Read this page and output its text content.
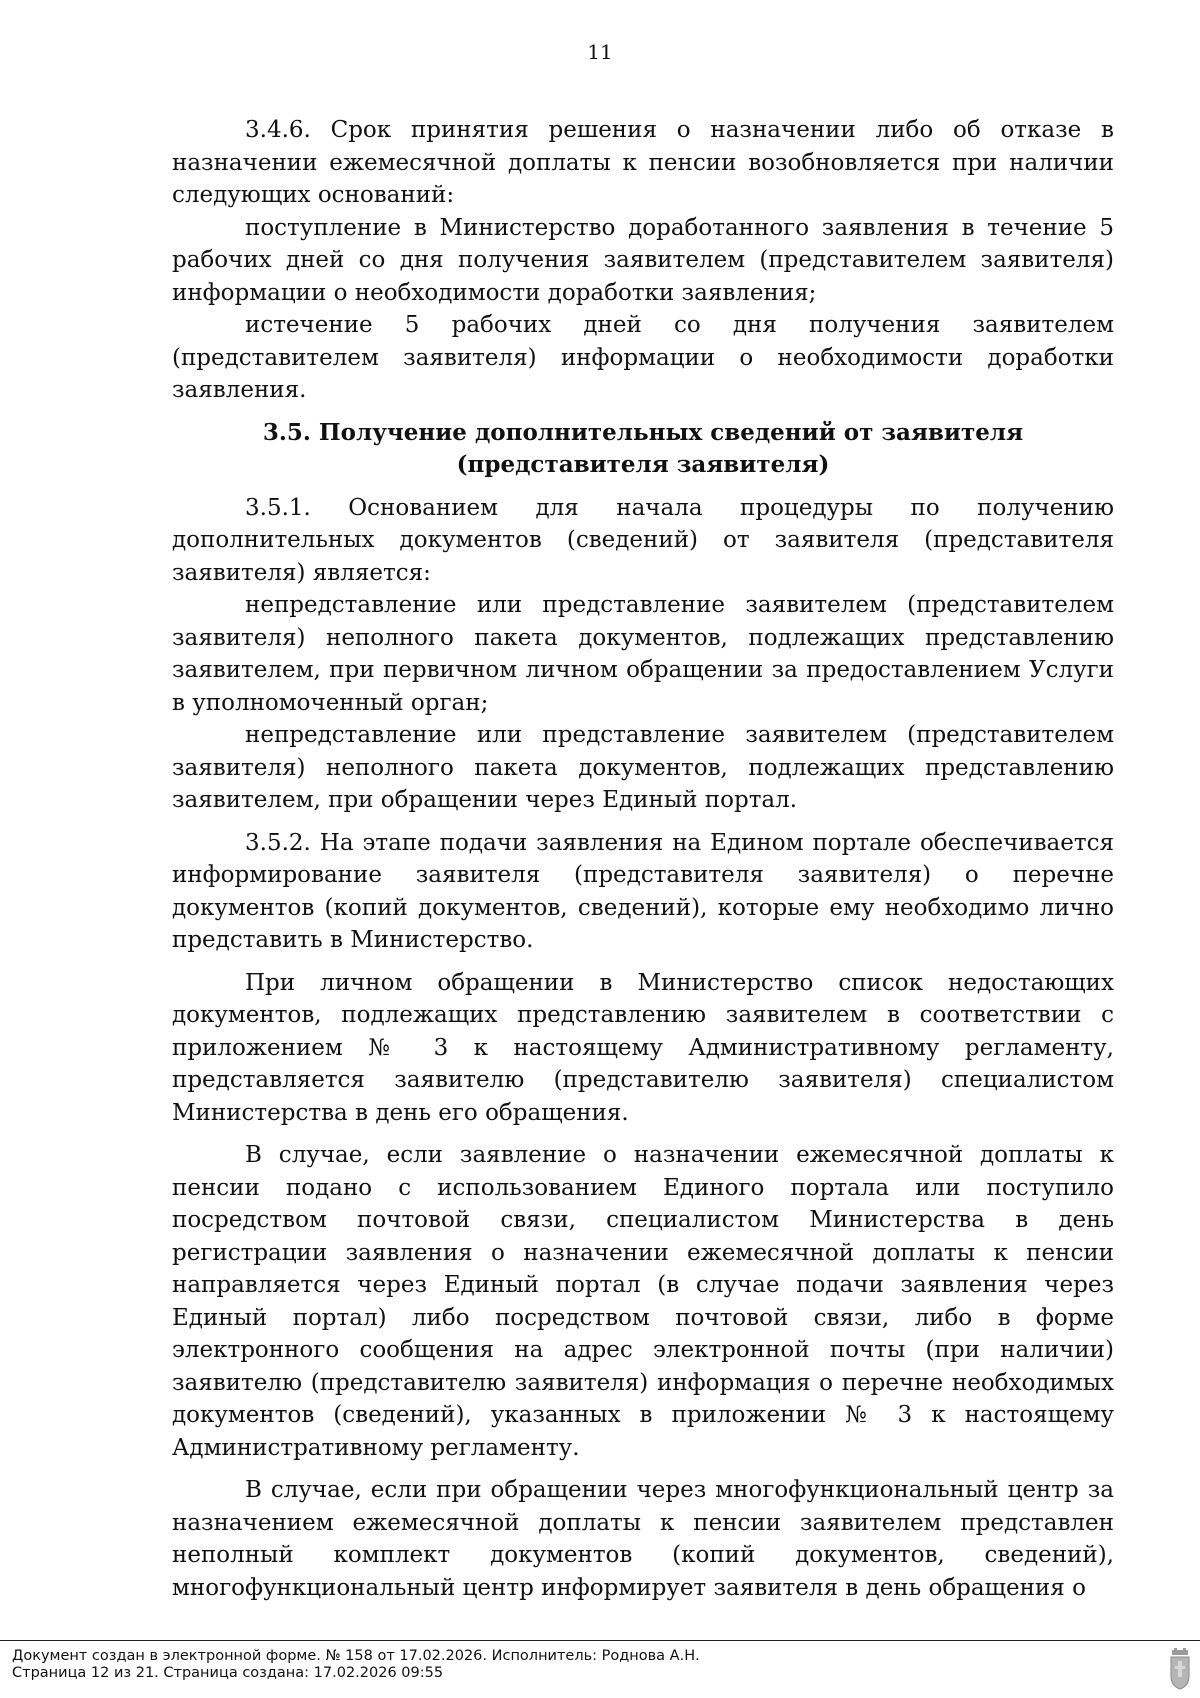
11

3.4.6. Срок принятия решения о назначении либо об отказе в назначении ежемесячной доплаты к пенсии возобновляется при наличии следующих оснований:

поступление в Министерство доработанного заявления в течение 5 рабочих дней со дня получения заявителем (представителем заявителя) информации о необходимости доработки заявления;

истечение 5 рабочих дней со дня получения заявителем (представителем заявителя) информации о необходимости доработки заявления.

3.5. Получение дополнительных сведений от заявителя (представителя заявителя)

3.5.1. Основанием для начала процедуры по получению дополнительных документов (сведений) от заявителя (представителя заявителя) является:

непредставление или представление заявителем (представителем заявителя) неполного пакета документов, подлежащих представлению заявителем, при первичном личном обращении за предоставлением Услуги в уполномоченный орган;

непредставление или представление заявителем (представителем заявителя) неполного пакета документов, подлежащих представлению заявителем, при обращении через Единый портал.

3.5.2. На этапе подачи заявления на Едином портале обеспечивается информирование заявителя (представителя заявителя) о перечне документов (копий документов, сведений), которые ему необходимо лично представить в Министерство.

При личном обращении в Министерство список недостающих документов, подлежащих представлению заявителем в соответствии с приложением № 3 к настоящему Административному регламенту, представляется заявителю (представителю заявителя) специалистом Министерства в день его обращения.

В случае, если заявление о назначении ежемесячной доплаты к пенсии подано с использованием Единого портала или поступило посредством почтовой связи, специалистом Министерства в день регистрации заявления о назначении ежемесячной доплаты к пенсии направляется через Единый портал (в случае подачи заявления через Единый портал) либо посредством почтовой связи, либо в форме электронного сообщения на адрес электронной почты (при наличии) заявителю (представителю заявителя) информация о перечне необходимых документов (сведений), указанных в приложении № 3 к настоящему Административному регламенту.

В случае, если при обращении через многофункциональный центр за назначением ежемесячной доплаты к пенсии заявителем представлен неполный комплект документов (копий документов, сведений), многофункциональный центр информирует заявителя в день обращения о

Документ создан в электронной форме. № 158 от 17.02.2026. Исполнитель: Роднова А.Н.
Страница 12 из 21. Страница создана: 17.02.2026 09:55
